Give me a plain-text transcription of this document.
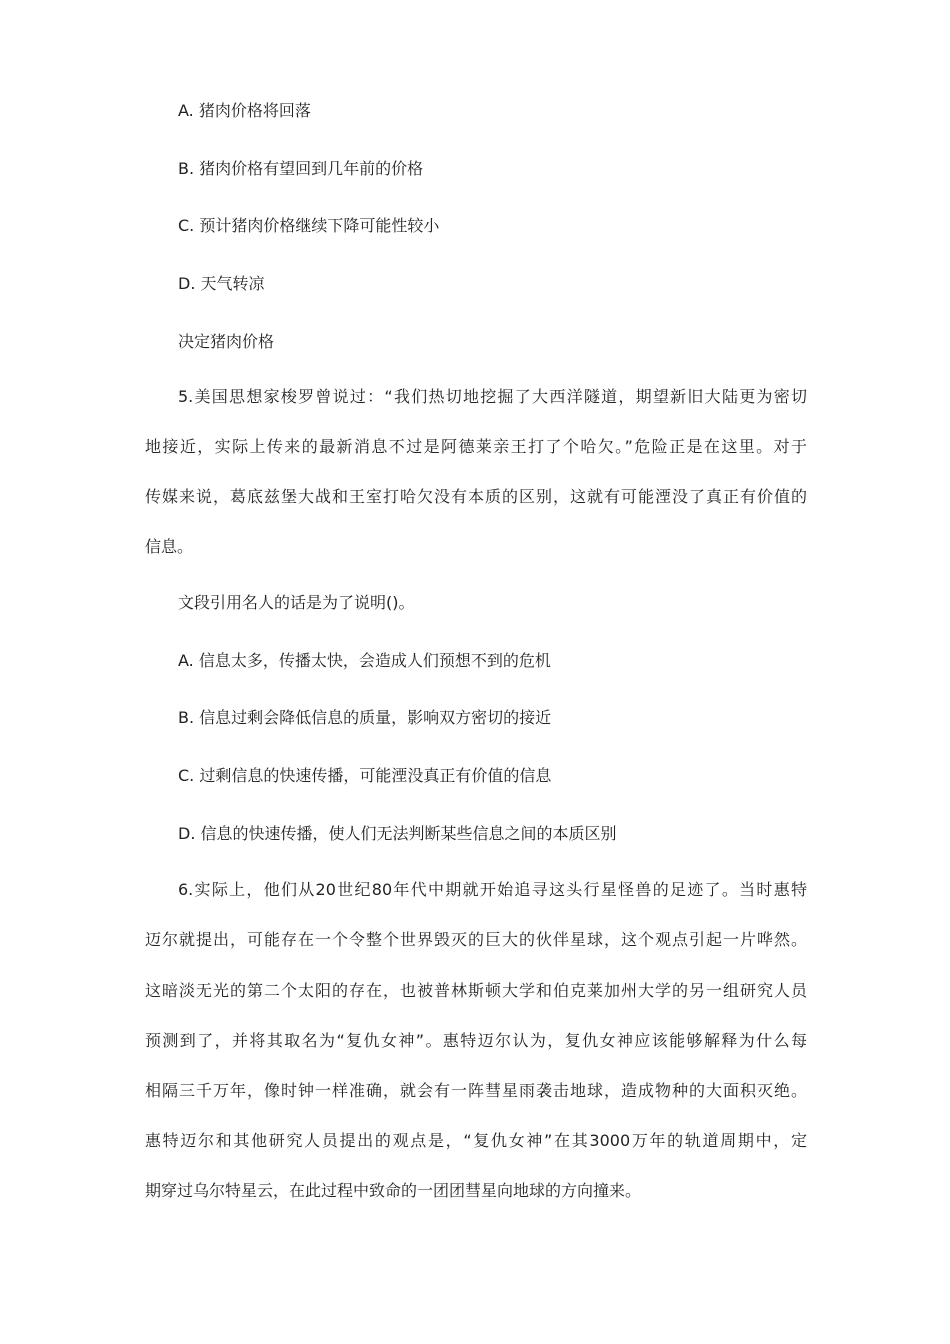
A. 猪肉价格将回落
B. 猪肉价格有望回到几年前的价格
C. 预计猪肉价格继续下降可能性较小
D. 天气转凉
决定猪肉价格
5.美国思想家梭罗曾说过：“我们热切地挖掘了大西洋隧道，期望新旧大陆更为密切
地接近，实际上传来的最新消息不过是阿德莱亲王打了个哈欠。”危险正是在这里。对于
传媒来说，葛底兹堡大战和王室打哈欠没有本质的区别，这就有可能湮没了真正有价值的
信息。
文段引用名人的话是为了说明()。
A. 信息太多，传播太快，会造成人们预想不到的危机
B. 信息过剩会降低信息的质量，影响双方密切的接近
C. 过剩信息的快速传播，可能湮没真正有价值的信息
D. 信息的快速传播，使人们无法判断某些信息之间的本质区别
6.实际上，他们从20世纪80年代中期就开始追寻这头行星怪兽的足迹了。当时惠特
迈尔就提出，可能存在一个令整个世界毁灭的巨大的伙伴星球，这个观点引起一片哗然。
这暗淡无光的第二个太阳的存在，也被普林斯顿大学和伯克莱加州大学的另一组研究人员
预测到了，并将其取名为“复仇女神”。惠特迈尔认为，复仇女神应该能够解释为什么每
相隔三千万年，像时钟一样准确，就会有一阵彗星雨袭击地球，造成物种的大面积灭绝。
惠特迈尔和其他研究人员提出的观点是，“复仇女神”在其3000万年的轨道周期中，定
期穿过乌尔特星云，在此过程中致命的一团团彗星向地球的方向撞来。
